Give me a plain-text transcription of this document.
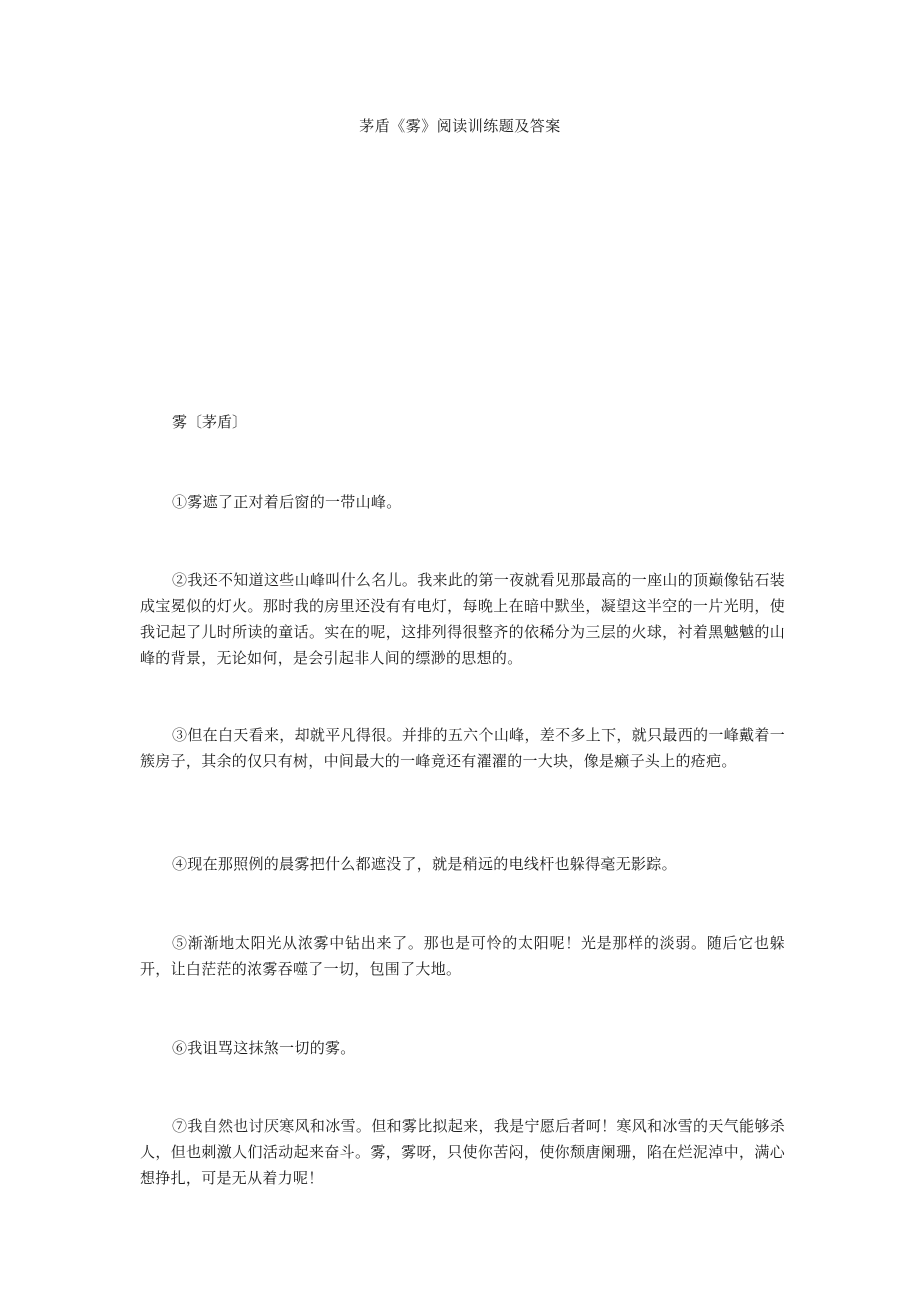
茅盾《雾》阅读训练题及答案
雾〔茅盾〕

①雾遮了正对着后窗的一带山峰。

②我还不知道这些山峰叫什么名儿。我来此的第一夜就看见那最高的一座山的顶巅像钻石装成宝冕似的灯火。那时我的房里还没有有电灯，每晚上在暗中默坐，凝望这半空的一片光明，使我记起了儿时所读的童话。实在的呢，这排列得很整齐的依稀分为三层的火球，衬着黑魆魆的山峰的背景，无论如何，是会引起非人间的缥渺的思想的。

③但在白天看来，却就平凡得很。并排的五六个山峰，差不多上下，就只最西的一峰戴着一簇房子，其余的仅只有树，中间最大的一峰竟还有濯濯的一大块，像是癞子头上的疮疤。

④现在那照例的晨雾把什么都遮没了，就是稍远的电线杆也躲得毫无影踪。

⑤渐渐地太阳光从浓雾中钻出来了。那也是可怜的太阳呢！光是那样的淡弱。随后它也躲开，让白茫茫的浓雾吞噬了一切，包围了大地。

⑥我诅骂这抹煞一切的雾。

⑦我自然也讨厌寒风和冰雪。但和雾比拟起来，我是宁愿后者呵！寒风和冰雪的天气能够杀人，但也刺激人们活动起来奋斗。雾，雾呀，只使你苦闷，使你颓唐阑珊，陷在烂泥淖中，满心想挣扎，可是无从着力呢！
